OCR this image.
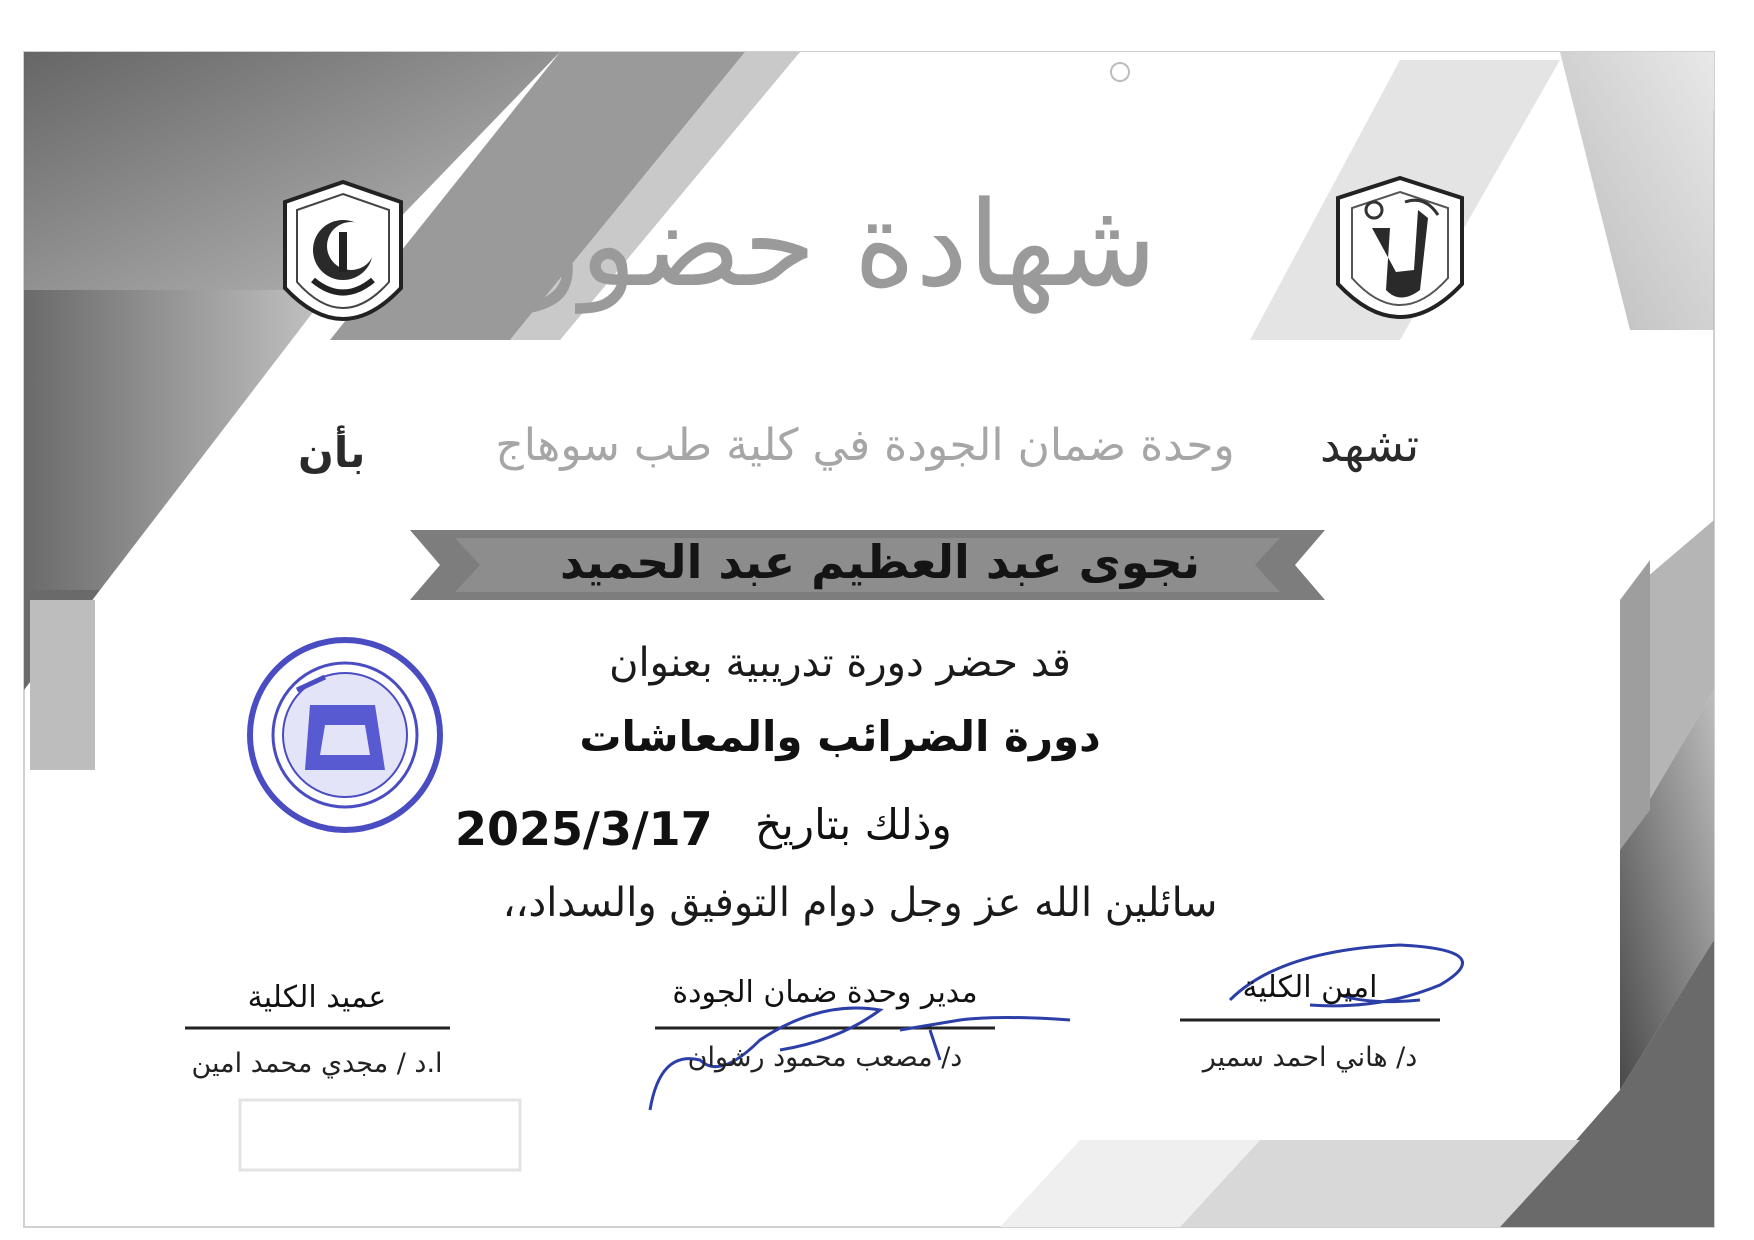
شهادة حضور
تشهد
وحدة ضمان الجودة في كلية طب سوهاج
بأن
نجوى عبد العظيم عبد الحميد
قد حضر دورة تدريبية بعنوان
دورة الضرائب والمعاشات
وذلك بتاريخ
2025/3/17
سائلين الله عز وجل دوام التوفيق والسداد،،
امين الكلية
د/ هاني احمد سمير
مدير وحدة ضمان الجودة
د/ مصعب محمود رشوان
عميد الكلية
ا.د / مجدي محمد امين
